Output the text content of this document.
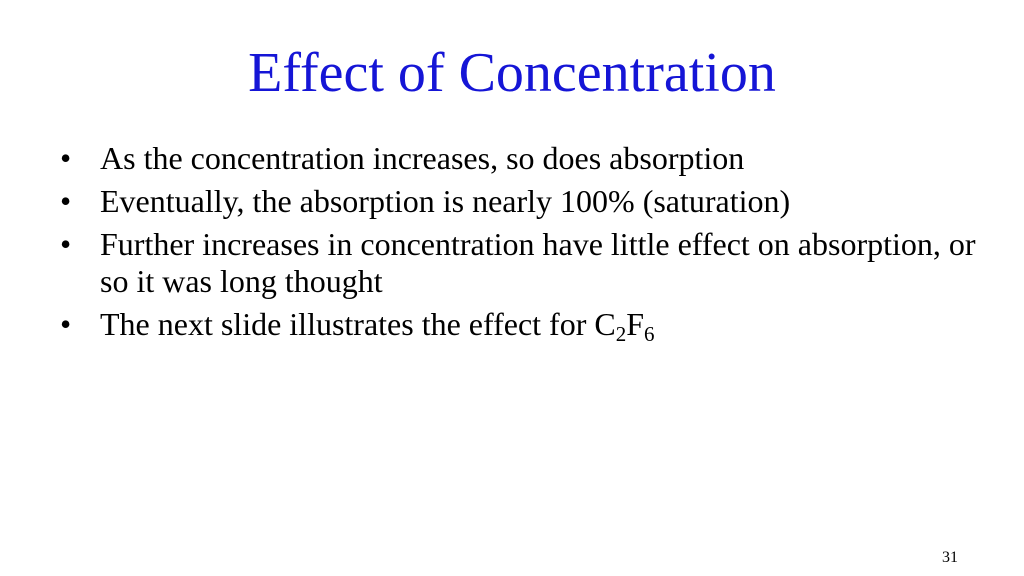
Effect of Concentration
• As the concentration increases, so does absorption
• Eventually, the absorption is nearly 100% (saturation)
• Further increases in concentration have little effect on absorption, or so it was long thought
• The next slide illustrates the effect for $C_2F_6$
31
